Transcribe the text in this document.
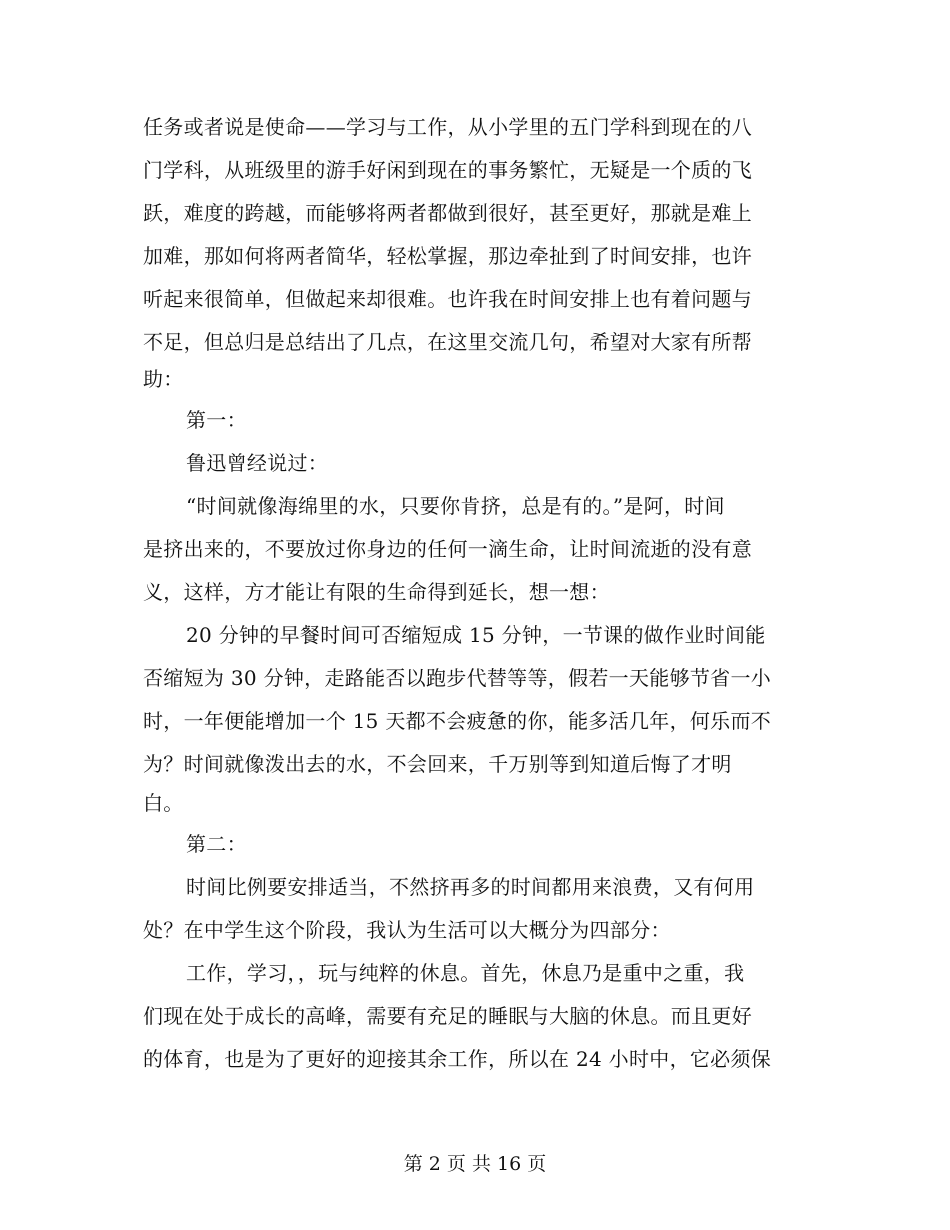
任务或者说是使命——学习与工作，从小学里的五门学科到现在的八
门学科，从班级里的游手好闲到现在的事务繁忙，无疑是一个质的飞
跃，难度的跨越，而能够将两者都做到很好，甚至更好，那就是难上
加难，那如何将两者简华，轻松掌握，那边牵扯到了时间安排，也许
听起来很简单，但做起来却很难。也许我在时间安排上也有着问题与
不足，但总归是总结出了几点，在这里交流几句，希望对大家有所帮
助：
第一：
鲁迅曾经说过：
“时间就像海绵里的水，只要你肯挤，总是有的。”是阿，时间
是挤出来的，不要放过你身边的任何一滴生命，让时间流逝的没有意
义，这样，方才能让有限的生命得到延长，想一想：
20 分钟的早餐时间可否缩短成 15 分钟，一节课的做作业时间能
否缩短为 30 分钟，走路能否以跑步代替等等，假若一天能够节省一小
时，一年便能增加一个 15 天都不会疲惫的你，能多活几年，何乐而不
为？时间就像泼出去的水，不会回来，千万别等到知道后悔了才明
白。
第二：
时间比例要安排适当，不然挤再多的时间都用来浪费，又有何用
处？在中学生这个阶段，我认为生活可以大概分为四部分：
工作，学习，，玩与纯粹的休息。首先，休息乃是重中之重，我
们现在处于成长的高峰，需要有充足的睡眠与大脑的休息。而且更好
的体育，也是为了更好的迎接其余工作，所以在 24 小时中，它必须保
第 2 页 共 16 页
